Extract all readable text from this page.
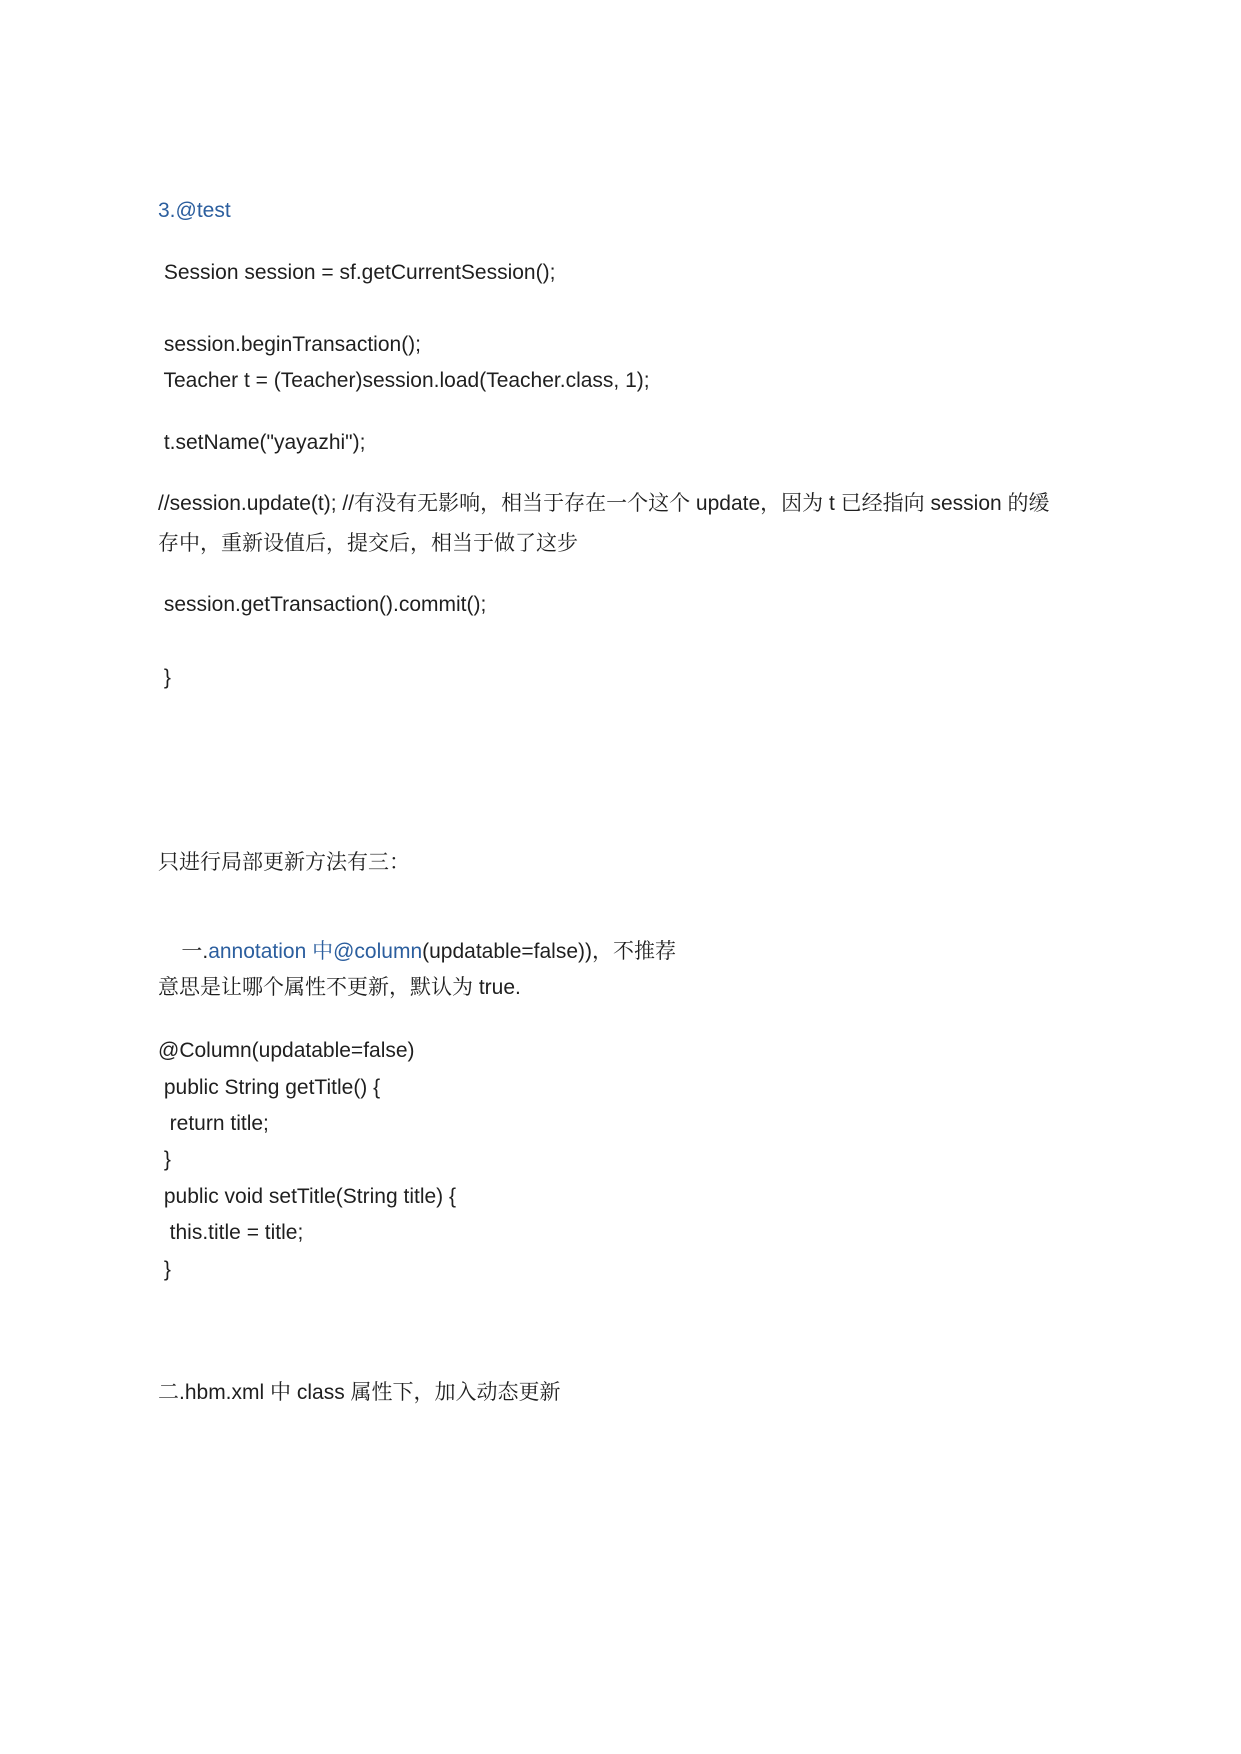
3.@test
Session session = sf.getCurrentSession();
session.beginTransaction();
Teacher t = (Teacher)session.load(Teacher.class, 1);
t.setName("yayazhi");
//session.update(t); //有没有无影响，相当于存在一个这个 update，因为 t 已经指向 session 的缓存中，重新设值后，提交后，相当于做了这步
session.getTransaction().commit();
}
只进行局部更新方法有三：

一.annotation 中@column(updatable=false))，不推荐

意思是让哪个属性不更新，默认为 true.
@Column(updatable=false)
public String getTitle() {
return title;
}
public void setTitle(String title) {
this.title = title;
}
二.hbm.xml 中 class 属性下，加入动态更新
